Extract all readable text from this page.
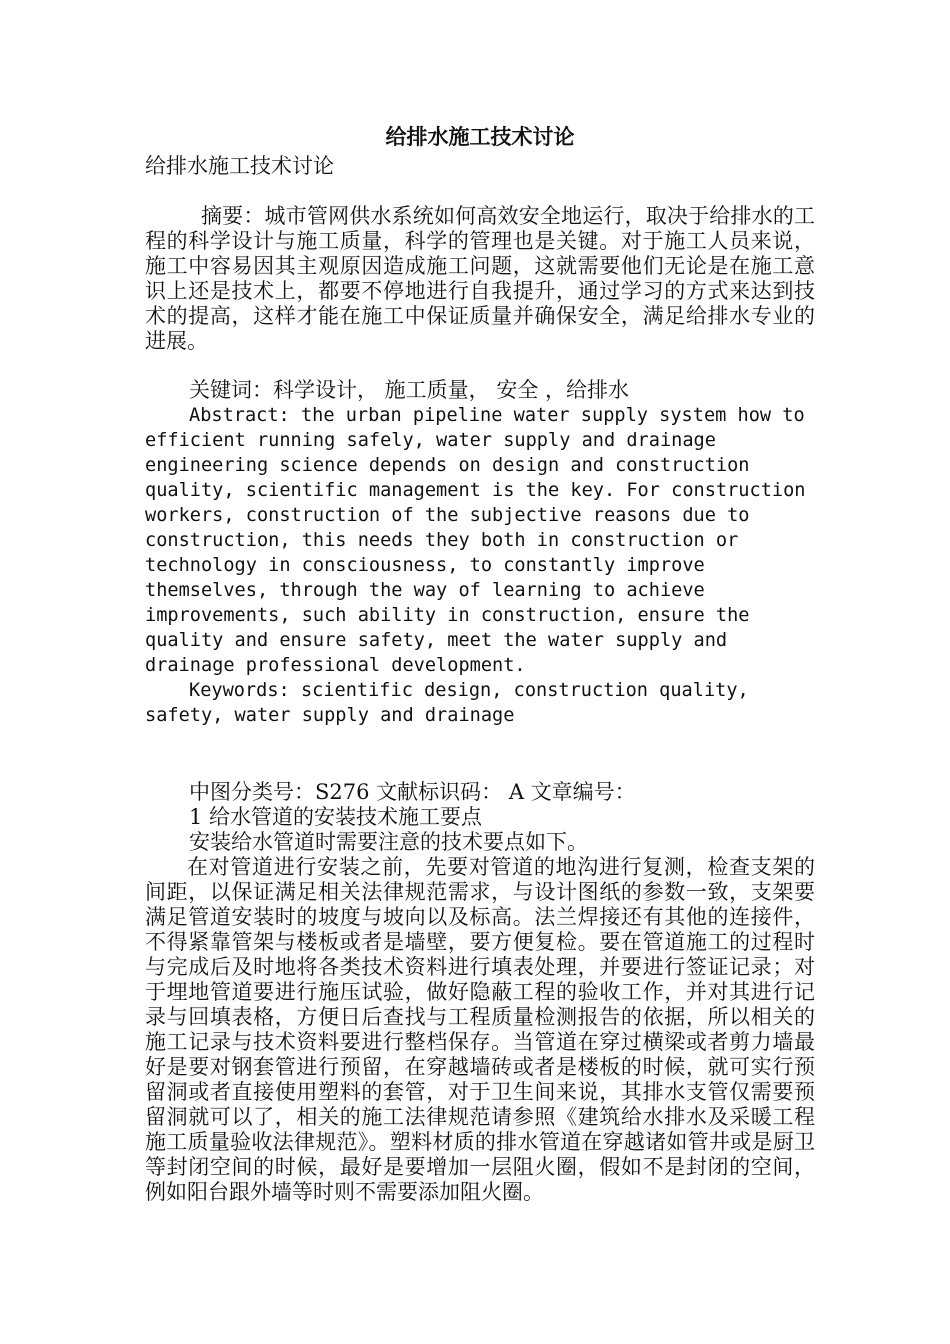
给排水施工技术讨论

给排水施工技术讨论

摘要：城市管网供水系统如何高效安全地运行，取决于给排水的工程的科学设计与施工质量，科学的管理也是关键。对于施工人员来说，施工中容易因其主观原因造成施工问题，这就需要他们无论是在施工意识上还是技术上，都要不停地进行自我提升，通过学习的方式来达到技术的提高，这样才能在施工中保证质量并确保安全，满足给排水专业的进展。

关键词：科学设计， 施工质量， 安全 ，给排水

Abstract: the urban pipeline water supply system how to
efficient running safely, water supply and drainage
engineering science depends on design and construction
quality, scientific management is the key. For construction
workers, construction of the subjective reasons due to
construction, this needs they both in construction or
technology in consciousness, to constantly improve
themselves, through the way of learning to achieve
improvements, such ability in construction, ensure the
quality and ensure safety, meet the water supply and
drainage professional development.

Keywords: scientific design, construction quality,
safety, water supply and drainage

中图分类号：S276 文献标识码： A 文章编号：

1 给水管道的安装技术施工要点

安装给水管道时需要注意的技术要点如下。

在对管道进行安装之前，先要对管道的地沟进行复测，检查支架的间距，以保证满足相关法律规范需求，与设计图纸的参数一致，支架要满足管道安装时的坡度与坡向以及标高。法兰焊接还有其他的连接件，不得紧靠管架与楼板或者是墙壁，要方便复检。要在管道施工的过程时与完成后及时地将各类技术资料进行填表处理，并要进行签证记录；对于埋地管道要进行施压试验，做好隐蔽工程的验收工作，并对其进行记录与回填表格，方便日后查找与工程质量检测报告的依据，所以相关的施工记录与技术资料要进行整档保存。当管道在穿过横梁或者剪力墙最好是要对钢套管进行预留，在穿越墙砖或者是楼板的时候，就可实行预留洞或者直接使用塑料的套管，对于卫生间来说，其排水支管仅需要预留洞就可以了，相关的施工法律规范请参照《建筑给水排水及采暖工程施工质量验收法律规范》。塑料材质的排水管道在穿越诸如管井或是厨卫等封闭空间的时候，最好是要增加一层阻火圈，假如不是封闭的空间，例如阳台跟外墙等时则不需要添加阻火圈。
